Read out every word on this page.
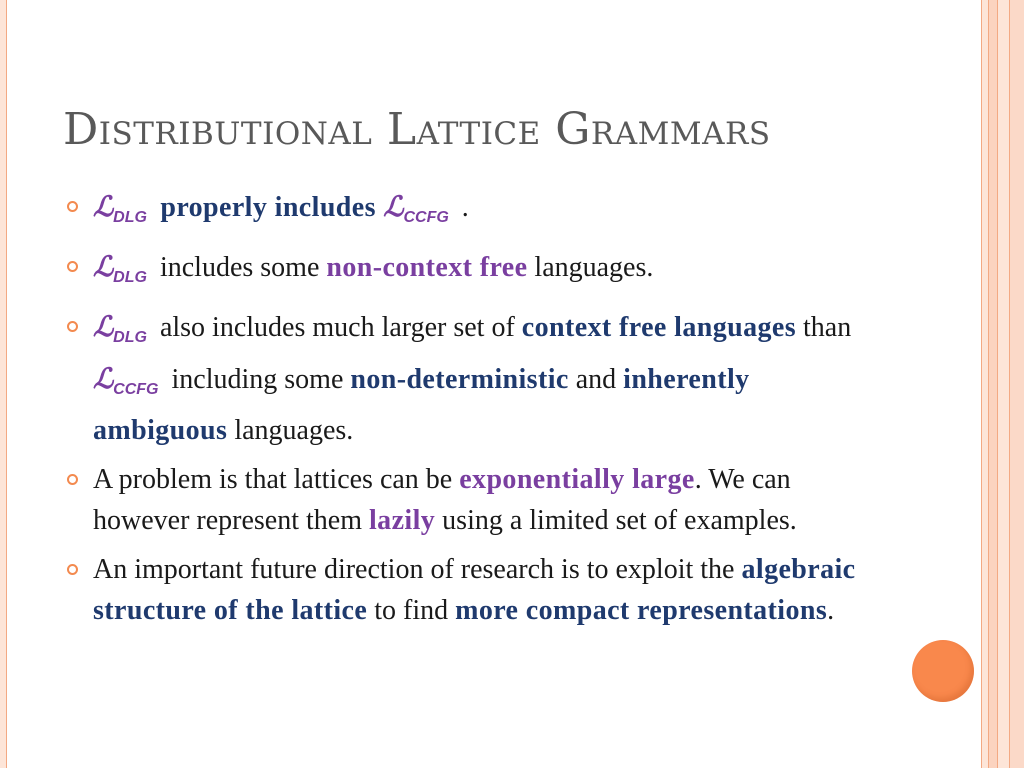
Distributional Lattice Grammars
ℒ$_{DLG}$ properly includes ℒ$_{CCFG}$ .
ℒ$_{DLG}$ includes some non-context free languages.
ℒ$_{DLG}$ also includes much larger set of context free languages than ℒ$_{CCFG}$ including some non-deterministic and inherently ambiguous languages.
A problem is that lattices can be exponentially large. We can however represent them lazily using a limited set of examples.
An important future direction of research is to exploit the algebraic structure of the lattice to find more compact representations.
